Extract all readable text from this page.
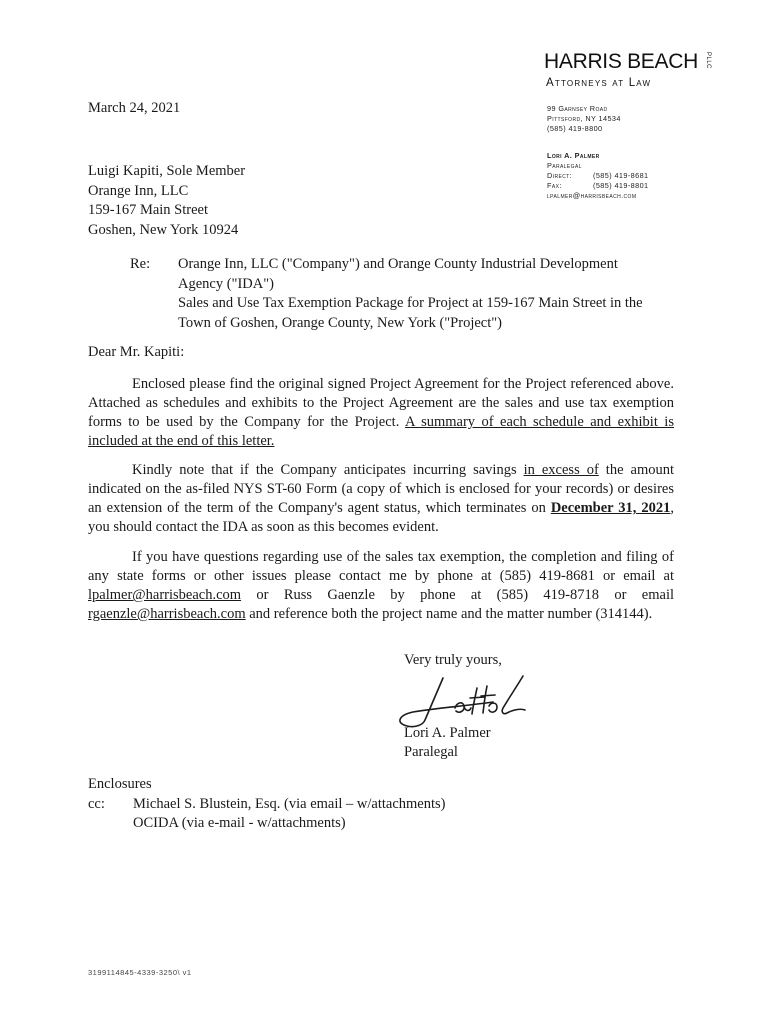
HARRIS BEACH PLLC
Attorneys at Law
99 Garnsey Road
Pittsford, NY 14534
(585) 419-8800
Lori A. Palmer
Paralegal
Direct:	(585) 419-8681
Fax:	(585) 419-8801
lpalmer@harrisbeach.com
March 24, 2021
Luigi Kapiti, Sole Member
Orange Inn, LLC
159-167 Main Street
Goshen, New York 10924
Re: Orange Inn, LLC ("Company") and Orange County Industrial Development
Agency ("IDA")
Sales and Use Tax Exemption Package for Project at 159-167 Main Street in the
Town of Goshen, Orange County, New York ("Project")
Dear Mr. Kapiti:
Enclosed please find the original signed Project Agreement for the Project referenced above. Attached as schedules and exhibits to the Project Agreement are the sales and use tax exemption forms to be used by the Company for the Project. A summary of each schedule and exhibit is included at the end of this letter.
Kindly note that if the Company anticipates incurring savings in excess of the amount indicated on the as-filed NYS ST-60 Form (a copy of which is enclosed for your records) or desires an extension of the term of the Company's agent status, which terminates on December 31, 2021, you should contact the IDA as soon as this becomes evident.
If you have questions regarding use of the sales tax exemption, the completion and filing of any state forms or other issues please contact me by phone at (585) 419-8681 or email at lpalmer@harrisbeach.com or Russ Gaenzle by phone at (585) 419-8718 or email rgaenzle@harrisbeach.com and reference both the project name and the matter number (314144).
Very truly yours,
Lori A. Palmer
Paralegal
Enclosures
cc: Michael S. Blustein, Esq. (via email – w/attachments)
OCIDA (via e-mail - w/attachments)
3199114845-4339-3250\ v1
